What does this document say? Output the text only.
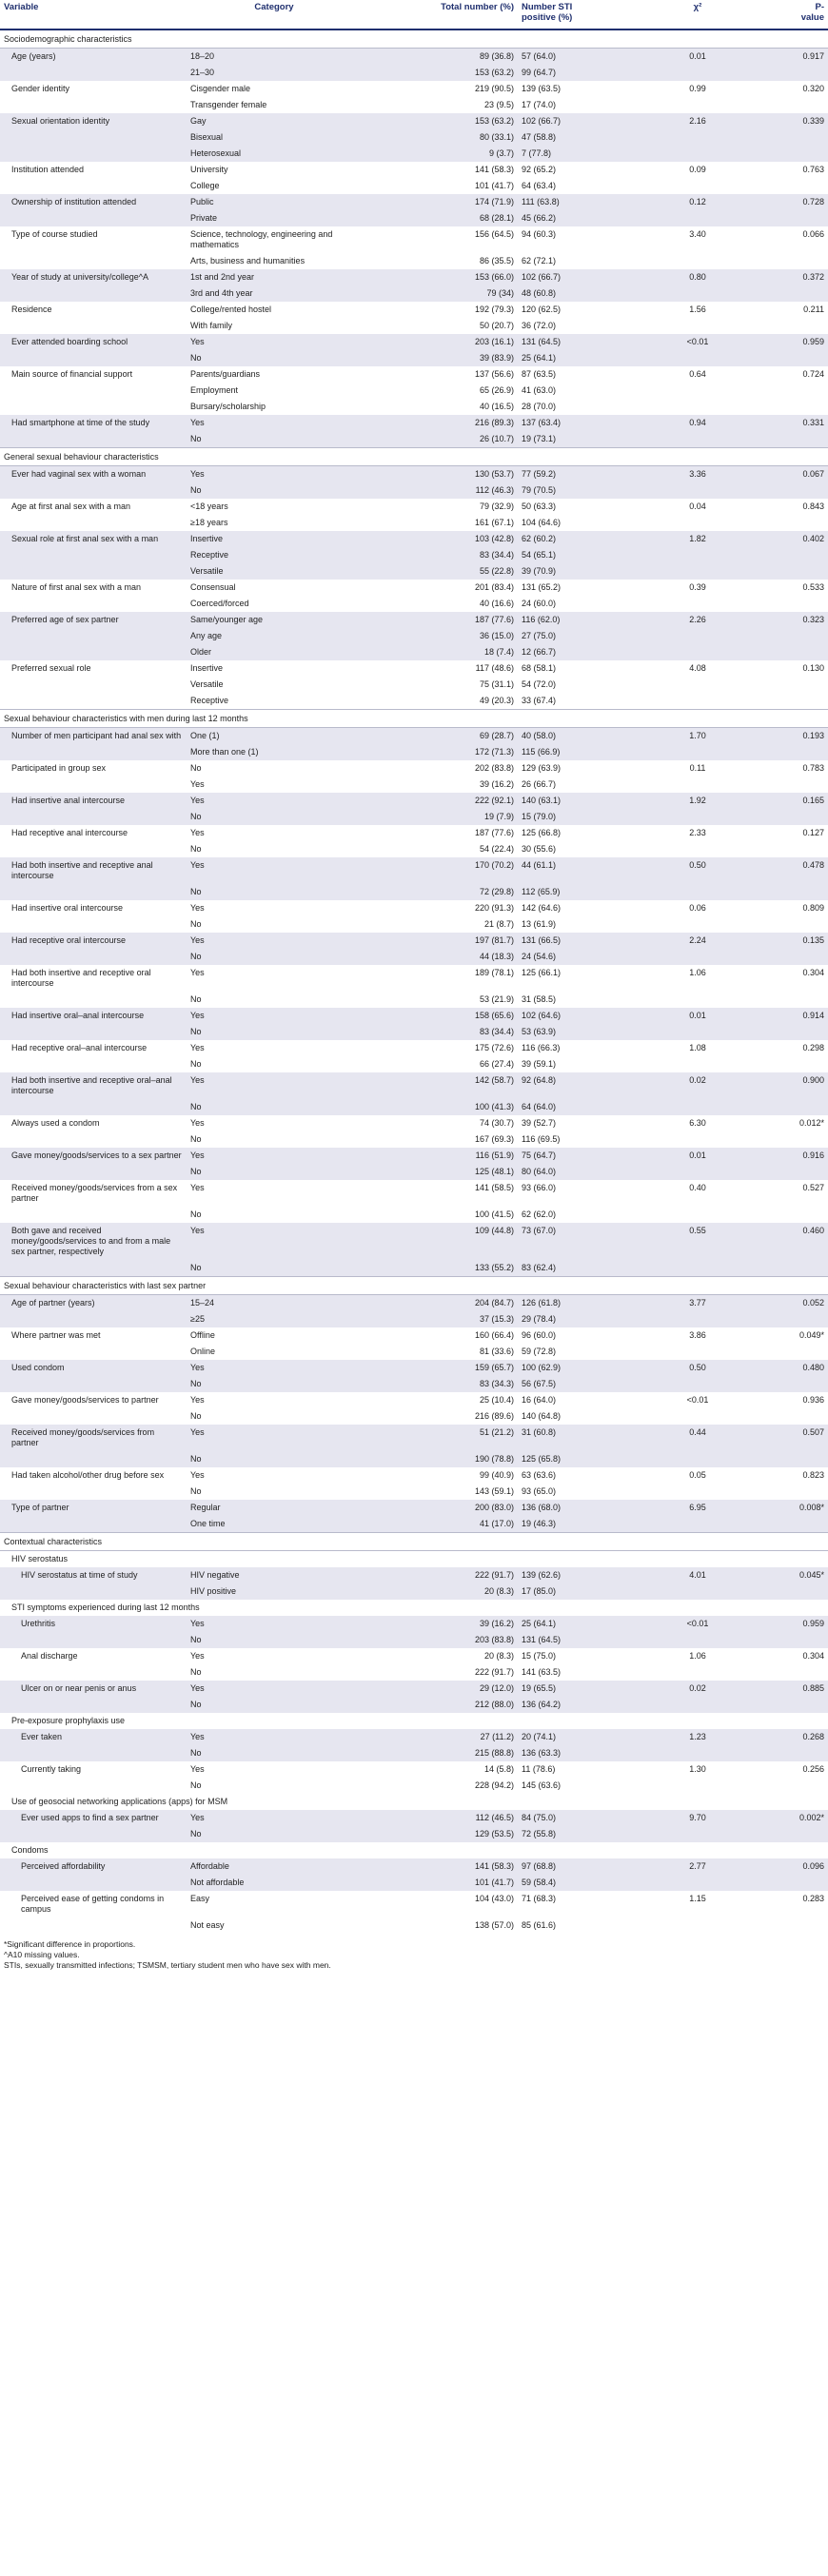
Variable	Category	Total number (%)	Number STI positive (%)	χ²	P-value
Sociodemographic characteristics					
Age (years)	18–20	89 (36.8)	57 (64.0)	0.01	0.917
	21–30	153 (63.2)	99 (64.7)		
Gender identity	Cisgender male	219 (90.5)	139 (63.5)	0.99	0.320
	Transgender female	23 (9.5)	17 (74.0)		
Sexual orientation identity	Gay	153 (63.2)	102 (66.7)	2.16	0.339
	Bisexual	80 (33.1)	47 (58.8)		
	Heterosexual	9 (3.7)	7 (77.8)		
Institution attended	University	141 (58.3)	92 (65.2)	0.09	0.763
	College	101 (41.7)	64 (63.4)		
Ownership of institution attended	Public	174 (71.9)	111 (63.8)	0.12	0.728
	Private	68 (28.1)	45 (66.2)		
Type of course studied	Science, technology, engineering and mathematics	156 (64.5)	94 (60.3)	3.40	0.066
	Arts, business and humanities	86 (35.5)	62 (72.1)		
Year of study at university/college^A	1st and 2nd year	153 (66.0)	102 (66.7)	0.80	0.372
	3rd and 4th year	79 (34)	48 (60.8)		
Residence	College/rented hostel	192 (79.3)	120 (62.5)	1.56	0.211
	With family	50 (20.7)	36 (72.0)		
Ever attended boarding school	Yes	203 (16.1)	131 (64.5)	<0.01	0.959
	No	39 (83.9)	25 (64.1)		
Main source of financial support	Parents/guardians	137 (56.6)	87 (63.5)	0.64	0.724
	Employment	65 (26.9)	41 (63.0)		
	Bursary/scholarship	40 (16.5)	28 (70.0)		
Had smartphone at time of the study	Yes	216 (89.3)	137 (63.4)	0.94	0.331
	No	26 (10.7)	19 (73.1)		
General sexual behaviour characteristics					
Ever had vaginal sex with a woman	Yes	130 (53.7)	77 (59.2)	3.36	0.067
	No	112 (46.3)	79 (70.5)		
Age at first anal sex with a man	<18 years	79 (32.9)	50 (63.3)	0.04	0.843
	≥18 years	161 (67.1)	104 (64.6)		
Sexual role at first anal sex with a man	Insertive	103 (42.8)	62 (60.2)	1.82	0.402
	Receptive	83 (34.4)	54 (65.1)		
	Versatile	55 (22.8)	39 (70.9)		
Nature of first anal sex with a man	Consensual	201 (83.4)	131 (65.2)	0.39	0.533
	Coerced/forced	40 (16.6)	24 (60.0)		
Preferred age of sex partner	Same/younger age	187 (77.6)	116 (62.0)	2.26	0.323
	Any age	36 (15.0)	27 (75.0)		
	Older	18 (7.4)	12 (66.7)		
Preferred sexual role	Insertive	117 (48.6)	68 (58.1)	4.08	0.130
	Versatile	75 (31.1)	54 (72.0)		
	Receptive	49 (20.3)	33 (67.4)		
Sexual behaviour characteristics with men during last 12 months					
Number of men participant had anal sex with	One (1)	69 (28.7)	40 (58.0)	1.70	0.193
	More than one (1)	172 (71.3)	115 (66.9)		
Participated in group sex	No	202 (83.8)	129 (63.9)	0.11	0.783
	Yes	39 (16.2)	26 (66.7)		
Had insertive anal intercourse	Yes	222 (92.1)	140 (63.1)	1.92	0.165
	No	19 (7.9)	15 (79.0)		
Had receptive anal intercourse	Yes	187 (77.6)	125 (66.8)	2.33	0.127
	No	54 (22.4)	30 (55.6)		
Had both insertive and receptive anal intercourse	Yes	170 (70.2)	44 (61.1)	0.50	0.478
	No	72 (29.8)	112 (65.9)		
Had insertive oral intercourse	Yes	220 (91.3)	142 (64.6)	0.06	0.809
	No	21 (8.7)	13 (61.9)		
Had receptive oral intercourse	Yes	197 (81.7)	131 (66.5)	2.24	0.135
	No	44 (18.3)	24 (54.6)		
Had both insertive and receptive oral intercourse	Yes	189 (78.1)	125 (66.1)	1.06	0.304
	No	53 (21.9)	31 (58.5)		
Had insertive oral–anal intercourse	Yes	158 (65.6)	102 (64.6)	0.01	0.914
	No	83 (34.4)	53 (63.9)		
Had receptive oral–anal intercourse	Yes	175 (72.6)	116 (66.3)	1.08	0.298
	No	66 (27.4)	39 (59.1)		
Had both insertive and receptive oral–anal intercourse	Yes	142 (58.7)	92 (64.8)	0.02	0.900
	No	100 (41.3)	64 (64.0)		
Always used a condom	Yes	74 (30.7)	39 (52.7)	6.30	0.012*
	No	167 (69.3)	116 (69.5)		
Gave money/goods/services to a sex partner	Yes	116 (51.9)	75 (64.7)	0.01	0.916
	No	125 (48.1)	80 (64.0)		
Received money/goods/services from a sex partner	Yes	141 (58.5)	93 (66.0)	0.40	0.527
	No	100 (41.5)	62 (62.0)		
Both gave and received money/goods/services to and from a male sex partner, respectively	Yes	109 (44.8)	73 (67.0)	0.55	0.460
	No	133 (55.2)	83 (62.4)		
Sexual behaviour characteristics with last sex partner					
Age of partner (years)	15–24	204 (84.7)	126 (61.8)	3.77	0.052
	≥25	37 (15.3)	29 (78.4)		
Where partner was met	Offline	160 (66.4)	96 (60.0)	3.86	0.049*
	Online	81 (33.6)	59 (72.8)		
Used condom	Yes	159 (65.7)	100 (62.9)	0.50	0.480
	No	83 (34.3)	56 (67.5)		
Gave money/goods/services to partner	Yes	25 (10.4)	16 (64.0)	<0.01	0.936
	No	216 (89.6)	140 (64.8)		
Received money/goods/services from partner	Yes	51 (21.2)	31 (60.8)	0.44	0.507
	No	190 (78.8)	125 (65.8)		
Had taken alcohol/other drug before sex	Yes	99 (40.9)	63 (63.6)	0.05	0.823
	No	143 (59.1)	93 (65.0)		
Type of partner	Regular	200 (83.0)	136 (68.0)	6.95	0.008*
	One time	41 (17.0)	19 (46.3)		
Contextual characteristics					
HIV serostatus					
HIV serostatus at time of study	HIV negative	222 (91.7)	139 (62.6)	4.01	0.045*
	HIV positive	20 (8.3)	17 (85.0)		
STI symptoms experienced during last 12 months					
Urethritis	Yes	39 (16.2)	25 (64.1)	<0.01	0.959
	No	203 (83.8)	131 (64.5)		
Anal discharge	Yes	20 (8.3)	15 (75.0)	1.06	0.304
	No	222 (91.7)	141 (63.5)		
Ulcer on or near penis or anus	Yes	29 (12.0)	19 (65.5)	0.02	0.885
	No	212 (88.0)	136 (64.2)		
Pre-exposure prophylaxis use					
Ever taken	Yes	27 (11.2)	20 (74.1)	1.23	0.268
	No	215 (88.8)	136 (63.3)		
Currently taking	Yes	14 (5.8)	11 (78.6)	1.30	0.256
	No	228 (94.2)	145 (63.6)		
Use of geosocial networking applications (apps) for MSM					
Ever used apps to find a sex partner	Yes	112 (46.5)	84 (75.0)	9.70	0.002*
	No	129 (53.5)	72 (55.8)		
Condoms					
Perceived affordability	Affordable	141 (58.3)	97 (68.8)	2.77	0.096
	Not affordable	101 (41.7)	59 (58.4)		
Perceived ease of getting condoms in campus	Easy	104 (43.0)	71 (68.3)	1.15	0.283
	Not easy	138 (57.0)	85 (61.6)		
*Significant difference in proportions.
^A10 missing values.
STIs, sexually transmitted infections; TSMSM, tertiary student men who have sex with men.
